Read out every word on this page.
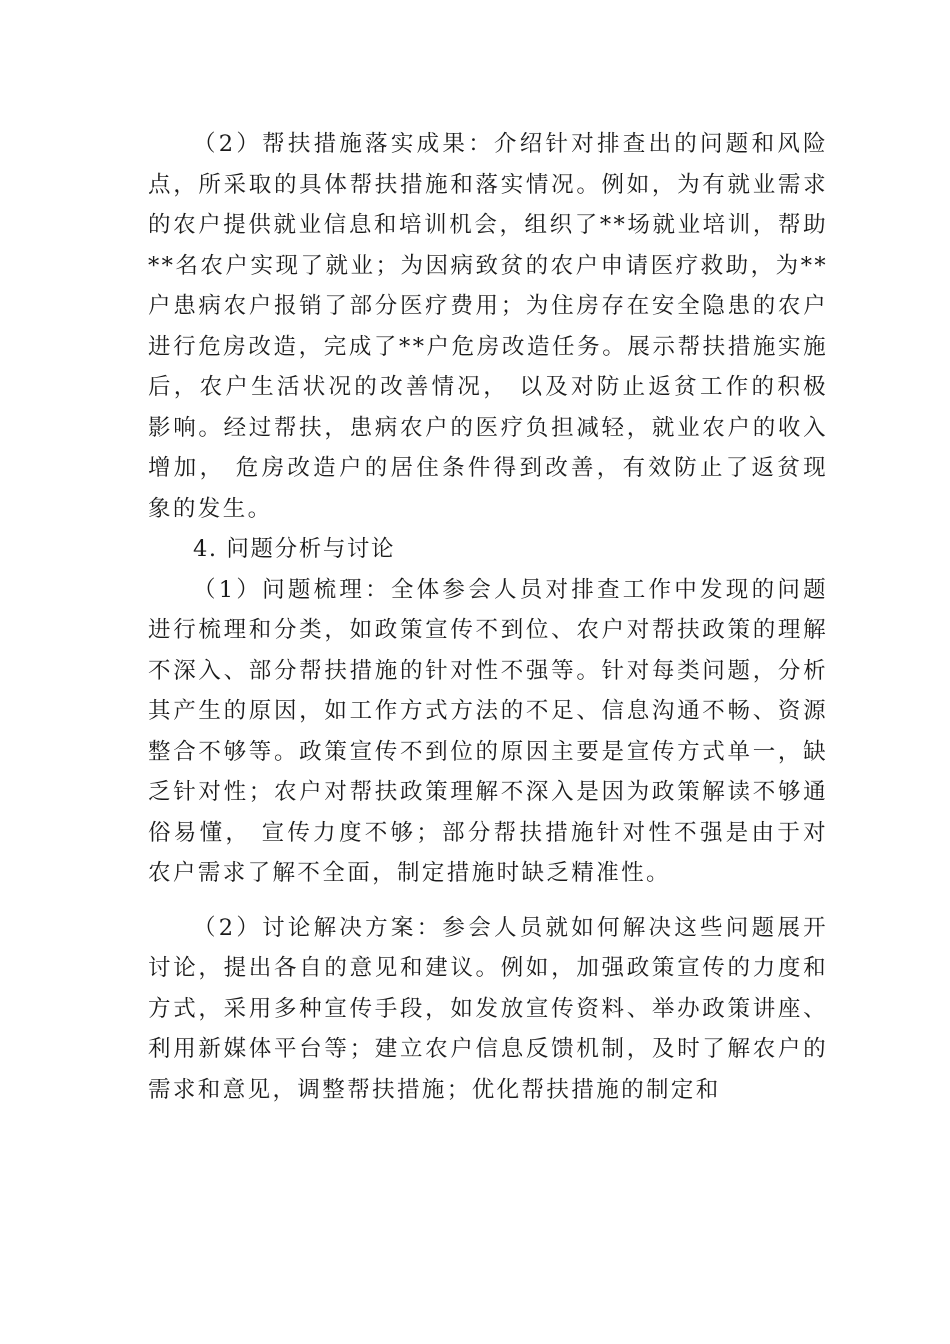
（2）帮扶措施落实成果：介绍针对排查出的问题和风险点，所采取的具体帮扶措施和落实情况。例如，为有就业需求的农户提供就业信息和培训机会，组织了**场就业培训，帮助**名农户实现了就业；为因病致贫的农户申请医疗救助，为**户患病农户报销了部分医疗费用；为住房存在安全隐患的农户进行危房改造，完成了**户危房改造任务。展示帮扶措施实施后，农户生活状况的改善情况， 以及对防止返贫工作的积极影响。经过帮扶，患病农户的医疗负担减轻，就业农户的收入增加， 危房改造户的居住条件得到改善，有效防止了返贫现象的发生。

4. 问题分析与讨论

（1）问题梳理：全体参会人员对排查工作中发现的问题进行梳理和分类，如政策宣传不到位、农户对帮扶政策的理解不深入、部分帮扶措施的针对性不强等。针对每类问题，分析其产生的原因，如工作方式方法的不足、信息沟通不畅、资源整合不够等。政策宣传不到位的原因主要是宣传方式单一，缺乏针对性；农户对帮扶政策理解不深入是因为政策解读不够通俗易懂， 宣传力度不够；部分帮扶措施针对性不强是由于对农户需求了解不全面，制定措施时缺乏精准性。

（2）讨论解决方案：参会人员就如何解决这些问题展开讨论，提出各自的意见和建议。例如，加强政策宣传的力度和方式，采用多种宣传手段，如发放宣传资料、举办政策讲座、利用新媒体平台等；建立农户信息反馈机制，及时了解农户的需求和意见，调整帮扶措施；优化帮扶措施的制定和
